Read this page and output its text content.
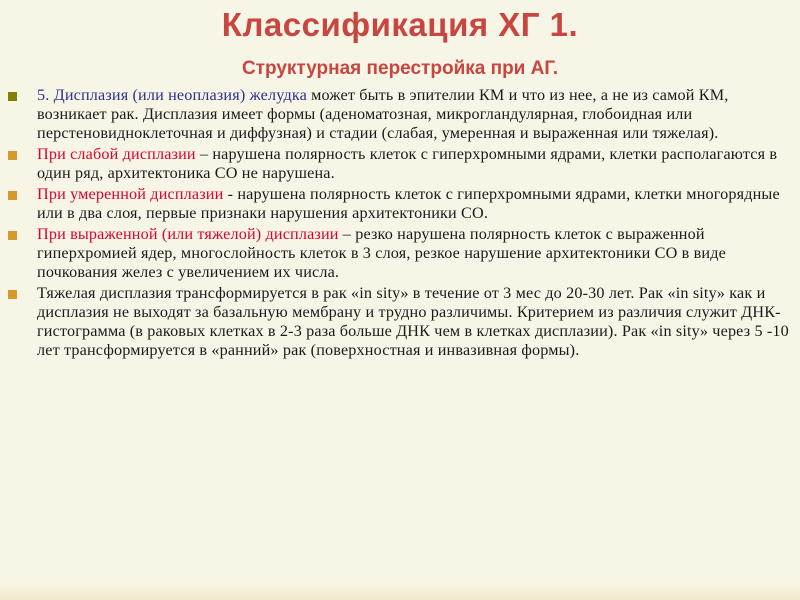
Классификация ХГ 1.
Структурная перестройка при АГ.
5. Дисплазия (или неоплазия) желудка может быть в эпителии КМ и что из нее, а не из самой КМ, возникает рак. Дисплазия имеет формы (аденоматозная, микрогландулярная, глобоидная или перстеновидноклеточная и диффузная) и стадии (слабая, умеренная и выраженная или тяжелая).
При слабой дисплазии – нарушена полярность клеток с гиперхромными ядрами, клетки располагаются в один ряд, архитектоника СО не нарушена.
При умеренной дисплазии - нарушена полярность клеток с гиперхромными ядрами, клетки многорядные или в два слоя, первые признаки нарушения архитектоники СО.
При выраженной (или тяжелой) дисплазии – резко нарушена полярность клеток с выраженной гиперхромией ядер, многослойность клеток в 3 слоя, резкое нарушение архитектоники СО в виде почкования желез с увеличением их числа.
Тяжелая дисплазия трансформируется в рак «in sity» в течение от 3 мес до 20-30 лет. Рак «in sity» как и дисплазия не выходят за базальную мембрану и трудно различимы. Критерием из различия служит ДНК-гистограмма (в раковых клетках в 2-3 раза больше ДНК чем в клетках дисплазии). Рак «in sity» через 5 -10 лет трансформируется в «ранний» рак (поверхностная и инвазивная формы).
